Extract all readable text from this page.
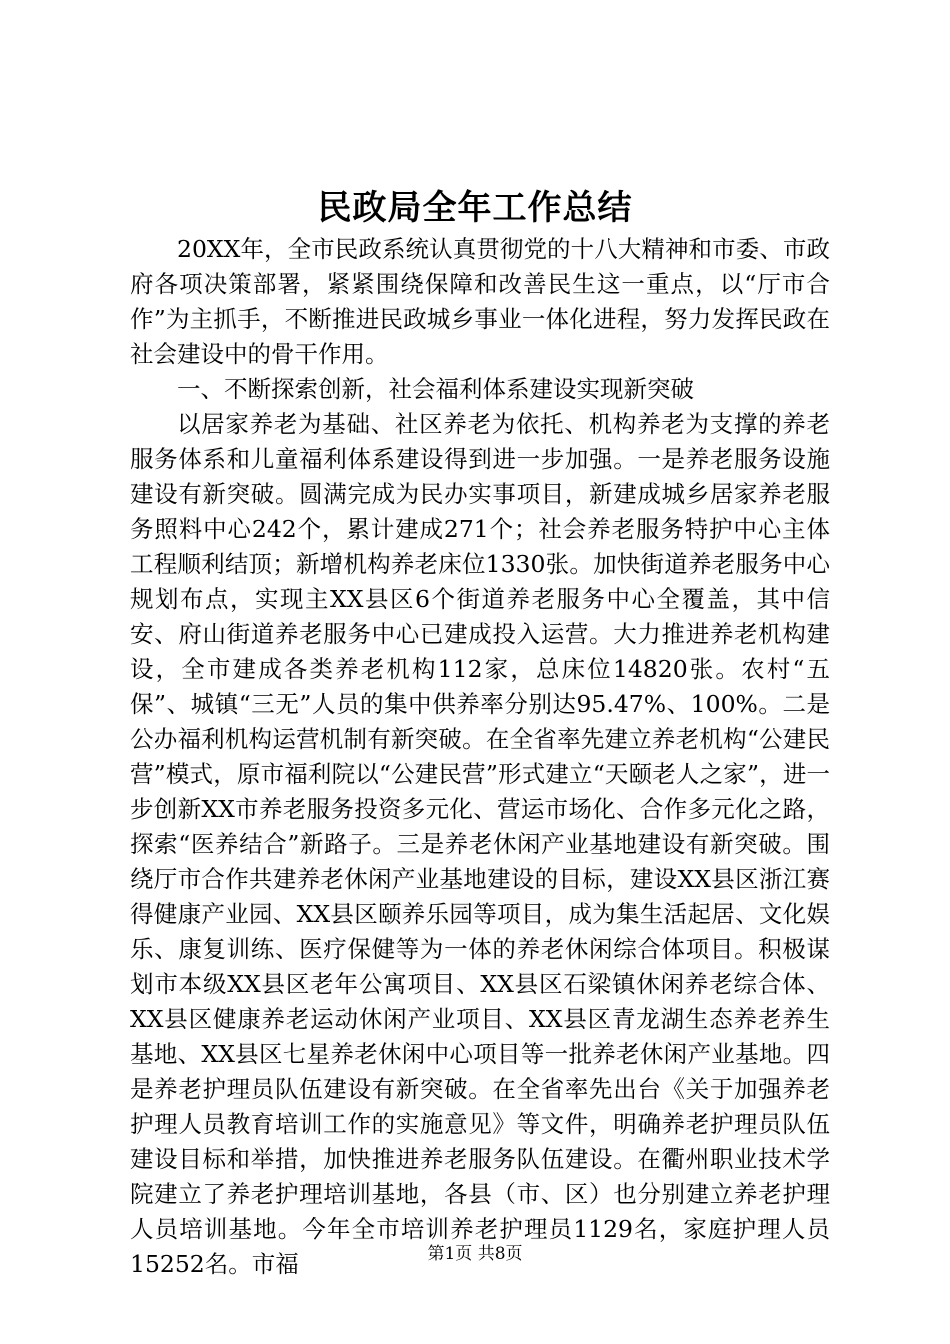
民政局全年工作总结

20XX年，全市民政系统认真贯彻党的十八大精神和市委、市政府各项决策部署，紧紧围绕保障和改善民生这一重点，以“厅市合作”为主抓手，不断推进民政城乡事业一体化进程，努力发挥民政在社会建设中的骨干作用。

一、不断探索创新，社会福利体系建设实现新突破

以居家养老为基础、社区养老为依托、机构养老为支撑的养老服务体系和儿童福利体系建设得到进一步加强。一是养老服务设施建设有新突破。圆满完成为民办实事项目，新建成城乡居家养老服务照料中心242个，累计建成271个；社会养老服务特护中心主体工程顺利结顶；新增机构养老床位1330张。加快街道养老服务中心规划布点，实现主XX县区6个街道养老服务中心全覆盖，其中信安、府山街道养老服务中心已建成投入运营。大力推进养老机构建设，全市建成各类养老机构112家，总床位14820张。农村“五保”、城镇“三无”人员的集中供养率分别达95.47%、100%。二是公办福利机构运营机制有新突破。在全省率先建立养老机构“公建民营”模式，原市福利院以“公建民营”形式建立“天颐老人之家”，进一步创新XX市养老服务投资多元化、营运市场化、合作多元化之路，探索“医养结合”新路子。三是养老休闲产业基地建设有新突破。围绕厅市合作共建养老休闲产业基地建设的目标，建设XX县区浙江赛得健康产业园、XX县区颐养乐园等项目，成为集生活起居、文化娱乐、康复训练、医疗保健等为一体的养老休闲综合体项目。积极谋划市本级XX县区老年公寓项目、XX县区石梁镇休闲养老综合体、XX县区健康养老运动休闲产业项目、XX县区青龙湖生态养老养生基地、XX县区七星养老休闲中心项目等一批养老休闲产业基地。四是养老护理员队伍建设有新突破。在全省率先出台《关于加强养老护理人员教育培训工作的实施意见》等文件，明确养老护理员队伍建设目标和举措，加快推进养老服务队伍建设。在衢州职业技术学院建立了养老护理培训基地，各县（市、区）也分别建立养老护理人员培训基地。今年全市培训养老护理员1129名，家庭护理人员15252名。市福	第1页 共8页
